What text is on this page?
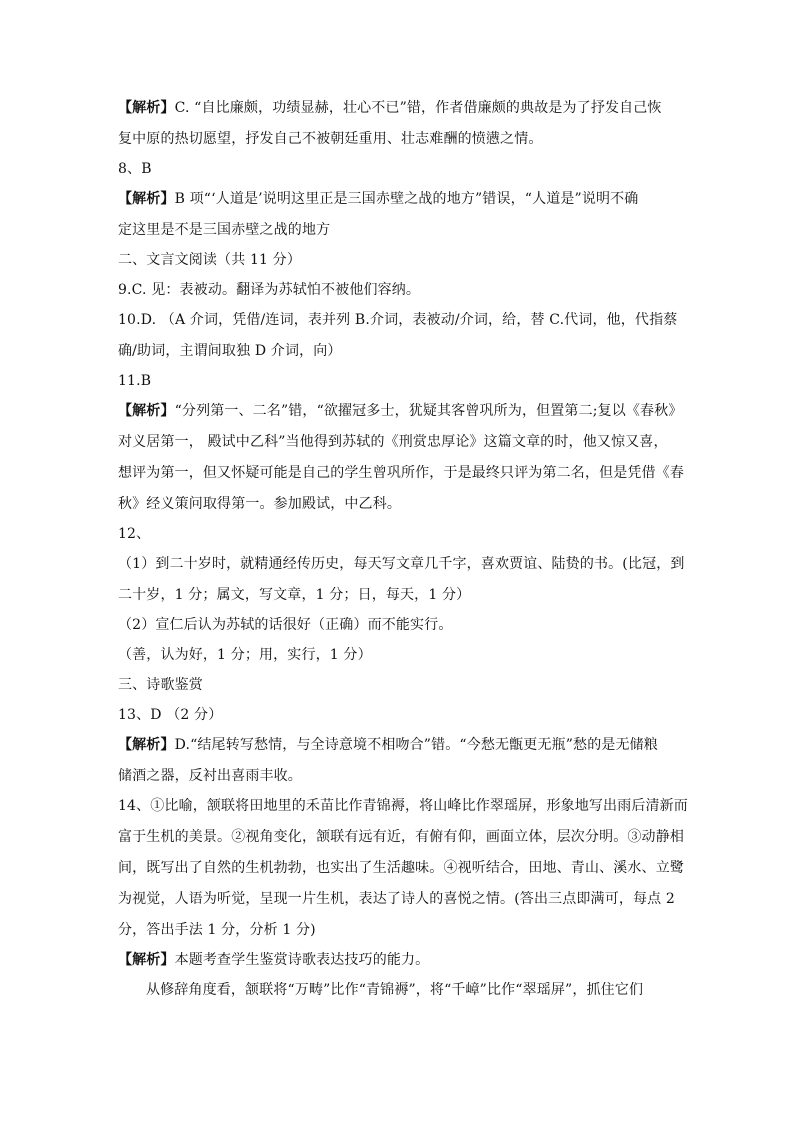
【解析】C. “自比廉颇，功绩显赫，壮心不已”错，作者借廉颇的典故是为了抒发自己恢
复中原的热切愿望，抒发自己不被朝廷重用、壮志难酬的愤懑之情。
8、B
【解析】B 项“‘人道是’说明这里正是三国赤壁之战的地方”错误，“人道是”说明不确
定这里是不是三国赤壁之战的地方
二、文言文阅读（共 11 分）
9.C. 见：表被动。翻译为苏轼怕不被他们容纳。
10.D. （A 介词，凭借/连词，表并列 B.介词，表被动/介词，给，替 C.代词，他，代指蔡
确/助词，主谓间取独 D 介词，向）
11.B
【解析】“分列第一、二名”错，“欲擢冠多士，犹疑其客曾巩所为，但置第二;复以《春秋》
对义居第一， 殿试中乙科”当他得到苏轼的《刑赏忠厚论》这篇文章的时，他又惊又喜，
想评为第一，但又怀疑可能是自己的学生曾巩所作，于是最终只评为第二名，但是凭借《春
秋》经义策问取得第一。参加殿试，中乙科。
12、
（1）到二十岁时，就精通经传历史，每天写文章几千字，喜欢贾谊、陆贽的书。(比冠，到
二十岁，1 分；属文，写文章，1 分；日，每天，1 分）
（2）宣仁后认为苏轼的话很好（正确）而不能实行。
（善，认为好，1 分；用，实行，1 分）
三、诗歌鉴赏
13、D （2 分）
【解析】D.“结尾转写愁情，与全诗意境不相吻合”错。“今愁无甑更无瓶”愁的是无储粮
储酒之器，反衬出喜雨丰收。
14、①比喻，颔联将田地里的禾苗比作青锦褥，将山峰比作翠瑶屏，形象地写出雨后清新而
富于生机的美景。②视角变化，颔联有远有近，有俯有仰，画面立体，层次分明。③动静相
间，既写出了自然的生机勃勃，也实出了生活趣味。④视听结合，田地、青山、溪水、立鹭
为视觉，人语为听觉，呈现一片生机，表达了诗人的喜悦之情。(答出三点即满可，每点 2
分，答出手法 1 分，分析 1 分)
【解析】本题考查学生鉴赏诗歌表达技巧的能力。
从修辞角度看，颔联将“万畴”比作“青锦褥”，将“千嶂”比作“翠瑶屏”，抓住它们
